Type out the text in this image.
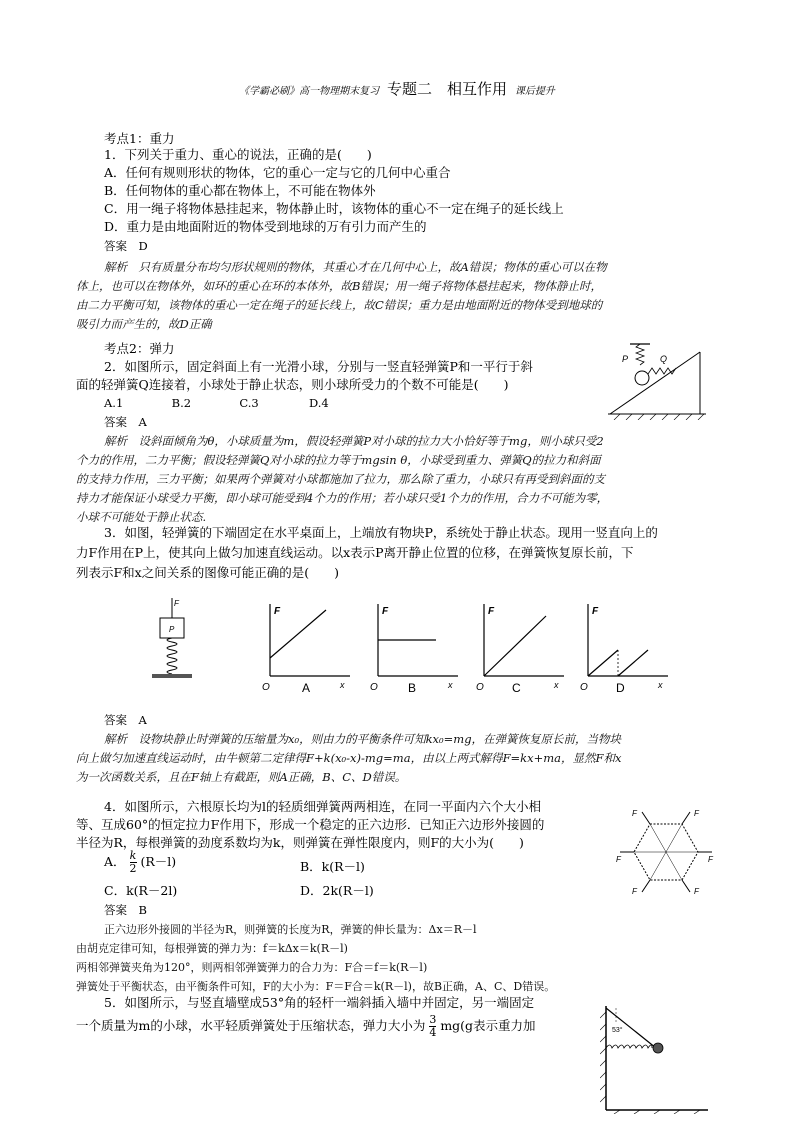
《学霸必刷》高一物理期末复习 专题二　相互作用 课后提升
考点1：重力
1．下列关于重力、重心的说法，正确的是(　　)
A．任何有规则形状的物体，它的重心一定与它的几何中心重合
B．任何物体的重心都在物体上，不可能在物体外
C．用一绳子将物体悬挂起来，物体静止时，该物体的重心不一定在绳子的延长线上
D．重力是由地面附近的物体受到地球的万有引力而产生的
答案　D
解析　只有质量分布均匀形状规则的物体，其重心才在几何中心上，故A错误；物体的重心可以在物
体上，也可以在物体外，如环的重心在环的本体外，故B错误；用一绳子将物体悬挂起来，物体静止时，
由二力平衡可知，该物体的重心一定在绳子的延长线上，故C错误；重力是由地面附近的物体受到地球的
吸引力而产生的，故D正确
考点2：弹力
2．如图所示，固定斜面上有一光滑小球，分别与一竖直轻弹簧P和一平行于斜
面的轻弹簧Q连接着，小球处于静止状态，则小球所受力的个数不可能是(　　)
A.1	B.2	C.3	D.4
答案　A
解析　设斜面倾角为θ，小球质量为m，假设轻弹簧P对小球的拉力大小恰好等于mg，则小球只受2
个力的作用，二力平衡；假设轻弹簧Q对小球的拉力等于mgsin θ，小球受到重力、弹簧Q的拉力和斜面
的支持力作用，三力平衡；如果两个弹簧对小球都施加了拉力，那么除了重力，小球只有再受到斜面的支
持力才能保证小球受力平衡，即小球可能受到4个力的作用；若小球只受1个力的作用，合力不可能为零，
小球不可能处于静止状态.
P	Q
3．如图，轻弹簧的下端固定在水平桌面上，上端放有物块P，系统处于静止状态。现用一竖直向上的
力F作用在P上，使其向上做匀加速直线运动。以x表示P离开静止位置的位移，在弹簧恢复原长前，下
列表示F和x之间关系的图像可能正确的是(　　)
F
P
F
x
O	A
F
x
O	B
F
x
O C
F
x
O D
答案　A
解析　设物块静止时弹簧的压缩量为x₀，则由力的平衡条件可知kx₀=mg，在弹簧恢复原长前，当物块
向上做匀加速直线运动时，由牛顿第二定律得F+k(x₀-x)-mg=ma，由以上两式解得F=kx+ma，显然F和x
为一次函数关系，且在F轴上有截距，则A正确，B、C、D错误。
4．如图所示，六根原长均为l的轻质细弹簧两两相连，在同一平面内六个大小相
等、互成60°的恒定拉力F作用下，形成一个稳定的正六边形．已知正六边形外接圆的
半径为R，每根弹簧的劲度系数均为k，则弹簧在弹性限度内，则F的大小为(　　)
A． $\frac{k}{2} (R-l)$	B．k(R－l)
C．k(R－2l)	D．2k(R－l)
答案　B
正六边形外接圆的半径为R，则弹簧的长度为R，弹簧的伸长量为：Δx＝R－l
由胡克定律可知，每根弹簧的弹力为：f＝kΔx＝k(R－l)
两相邻弹簧夹角为120°，则两相邻弹簧弹力的合力为：F合＝f＝k(R－l)
弹簧处于平衡状态，由平衡条件可知，F的大小为：F＝F合＝k(R－l)，故B正确，A、C、D错误。
F	F
F
F
F	F
5．如图所示，与竖直墙壁成53°角的轻杆一端斜插入墙中并固定，另一端固定
一个质量为m的小球，水平轻质弹簧处于压缩状态，弹力大小为 $\frac{3}{4} mg(g$表示重力加	53°
